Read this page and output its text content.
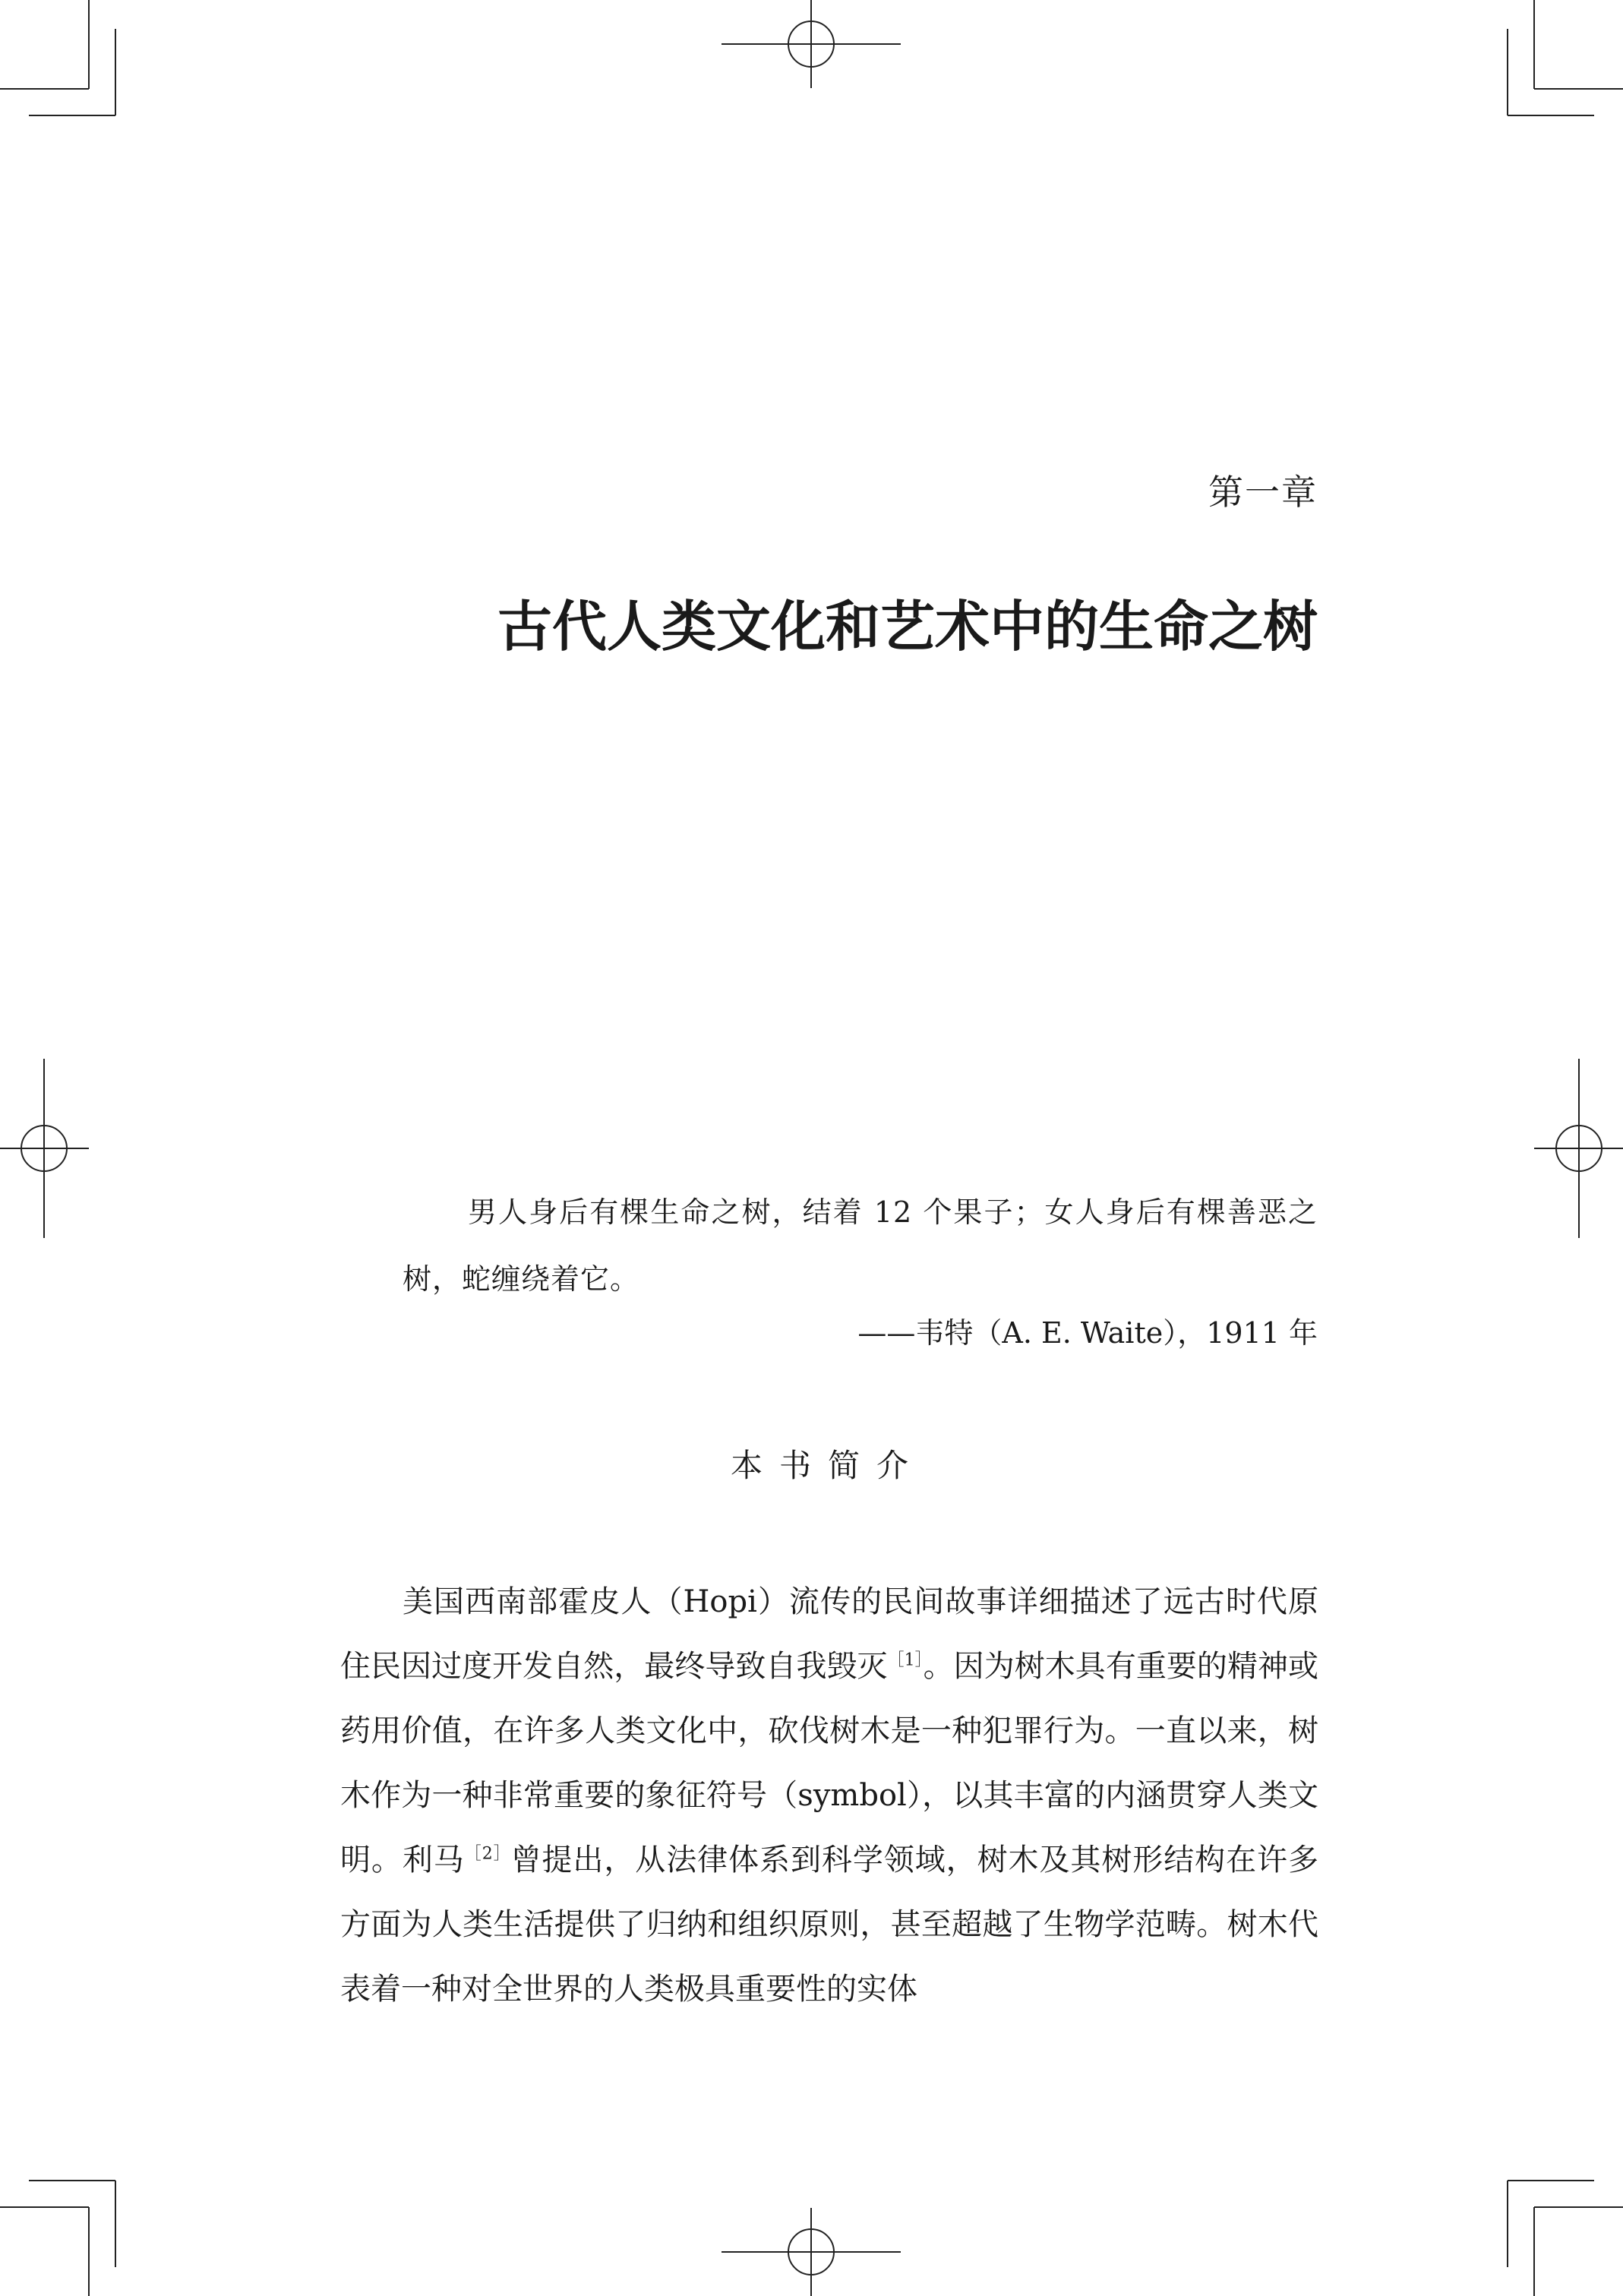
第一章
古代人类文化和艺术中的生命之树
男人身后有棵生命之树，结着 12 个果子；女人身后有棵善恶之树，蛇缠绕着它。
——韦特（A. E. Waite），1911 年
本书简介

美国西南部霍皮人（Hopi）流传的民间故事详细描述了远古时代原住民因过度开发自然，最终导致自我毁灭$^{[1]}$。因为树木具有重要的精神或药用价值，在许多人类文化中，砍伐树木是一种犯罪行为。一直以来，树木作为一种非常重要的象征符号（symbol），以其丰富的内涵贯穿人类文明。利马$^{[2]}$曾提出，从法律体系到科学领域，树木及其树形结构在许多方面为人类生活提供了归纳和组织原则，甚至超越了生物学范畴。树木代表着一种对全世界的人类极具重要性的实体
